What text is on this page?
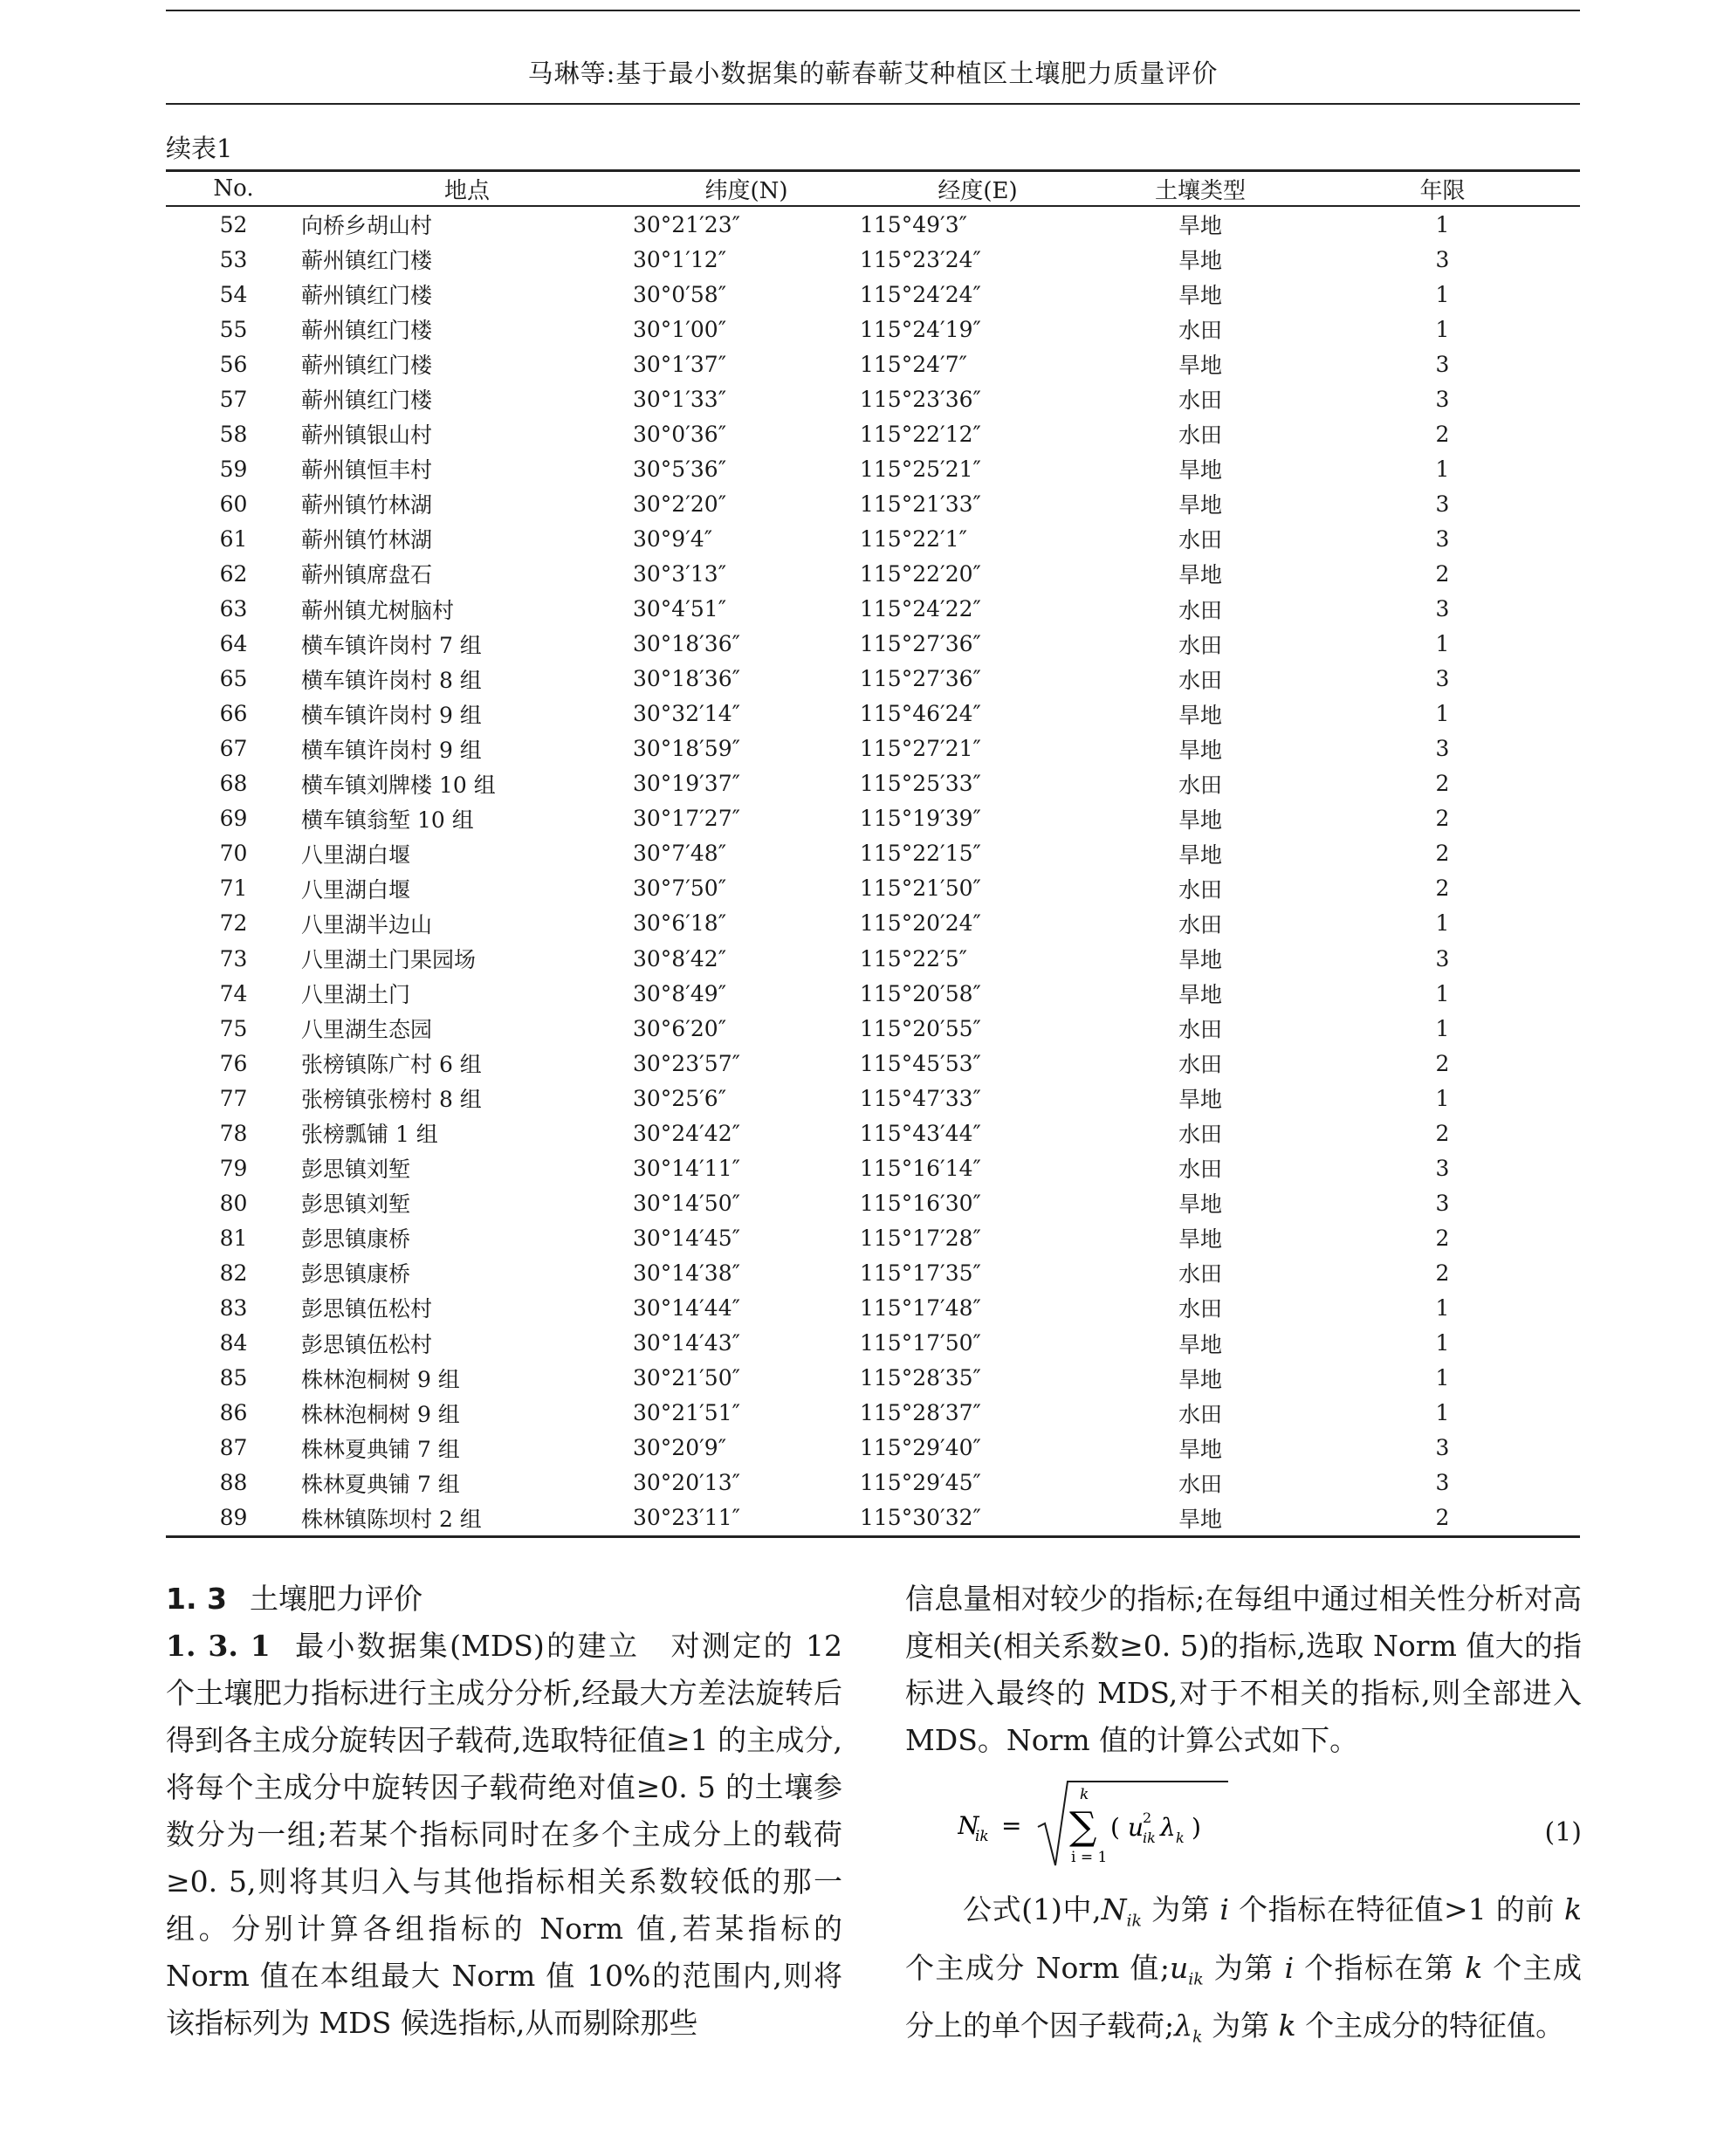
马琳等:基于最小数据集的蕲春蕲艾种植区土壤肥力质量评价
续表1
No.	地点	纬度(N)	经度(E)	土壤类型	年限
52	向桥乡胡山村	30°21′23″	115°49′3″	旱地	1
53	蕲州镇红门楼	30°1′12″	115°23′24″	旱地	3
54	蕲州镇红门楼	30°0′58″	115°24′24″	旱地	1
55	蕲州镇红门楼	30°1′00″	115°24′19″	水田	1
56	蕲州镇红门楼	30°1′37″	115°24′7″	旱地	3
57	蕲州镇红门楼	30°1′33″	115°23′36″	水田	3
58	蕲州镇银山村	30°0′36″	115°22′12″	水田	2
59	蕲州镇恒丰村	30°5′36″	115°25′21″	旱地	1
60	蕲州镇竹林湖	30°2′20″	115°21′33″	旱地	3
61	蕲州镇竹林湖	30°9′4″	115°22′1″	水田	3
62	蕲州镇席盘石	30°3′13″	115°22′20″	旱地	2
63	蕲州镇尤树脑村	30°4′51″	115°24′22″	水田	3
64	横车镇许岗村 7 组	30°18′36″	115°27′36″	水田	1
65	横车镇许岗村 8 组	30°18′36″	115°27′36″	水田	3
66	横车镇许岗村 9 组	30°32′14″	115°46′24″	旱地	1
67	横车镇许岗村 9 组	30°18′59″	115°27′21″	旱地	3
68	横车镇刘牌楼 10 组	30°19′37″	115°25′33″	水田	2
69	横车镇翁堑 10 组	30°17′27″	115°19′39″	旱地	2
70	八里湖白堰	30°7′48″	115°22′15″	旱地	2
71	八里湖白堰	30°7′50″	115°21′50″	水田	2
72	八里湖半边山	30°6′18″	115°20′24″	水田	1
73	八里湖土门果园场	30°8′42″	115°22′5″	旱地	3
74	八里湖土门	30°8′49″	115°20′58″	旱地	1
75	八里湖生态园	30°6′20″	115°20′55″	水田	1
76	张榜镇陈广村 6 组	30°23′57″	115°45′53″	水田	2
77	张榜镇张榜村 8 组	30°25′6″	115°47′33″	旱地	1
78	张榜瓢铺 1 组	30°24′42″	115°43′44″	水田	2
79	彭思镇刘堑	30°14′11″	115°16′14″	水田	3
80	彭思镇刘堑	30°14′50″	115°16′30″	旱地	3
81	彭思镇康桥	30°14′45″	115°17′28″	旱地	2
82	彭思镇康桥	30°14′38″	115°17′35″	水田	2
83	彭思镇伍松村	30°14′44″	115°17′48″	水田	1
84	彭思镇伍松村	30°14′43″	115°17′50″	旱地	1
85	株林泡桐树 9 组	30°21′50″	115°28′35″	旱地	1
86	株林泡桐树 9 组	30°21′51″	115°28′37″	水田	1
87	株林夏典铺 7 组	30°20′9″	115°29′40″	旱地	3
88	株林夏典铺 7 组	30°20′13″	115°29′45″	水田	3
89	株林镇陈坝村 2 组	30°23′11″	115°30′32″	旱地	2

1. 3 土壤肥力评价

1. 3. 1 最小数据集(MDS)的建立 对测定的 12 个土壤肥力指标进行主成分分析,经最大方差法旋转后得到各主成分旋转因子载荷,选取特征值≥1 的主成分,将每个主成分中旋转因子载荷绝对值≥0. 5 的土壤参数分为一组;若某个指标同时在多个主成分上的载荷≥0. 5,则将其归入与其他指标相关系数较低的那一组。分别计算各组指标的 Norm 值,若某指标的 Norm 值在本组最大 Norm 值 10%的范围内,则将该指标列为 MDS 候选指标,从而剔除那些

信息量相对较少的指标;在每组中通过相关性分析对高度相关(相关系数≥0. 5)的指标,选取 Norm 值大的指标进入最终的 MDS,对于不相关的指标,则全部进入 MDS。Norm 值的计算公式如下。

N
ik =
k
∑
i = 1
( u
2
ik λ k )	(1)

公式(1)中$,N_{ik}$ 为第 i 个指标在特征值>1 的前 k 个主成分 Norm 值$;u_{ik}$ 为第 i 个指标在第 k 个主成分上的单个因子载荷$;\lambda_k$ 为第 k 个主成分的特征值。
